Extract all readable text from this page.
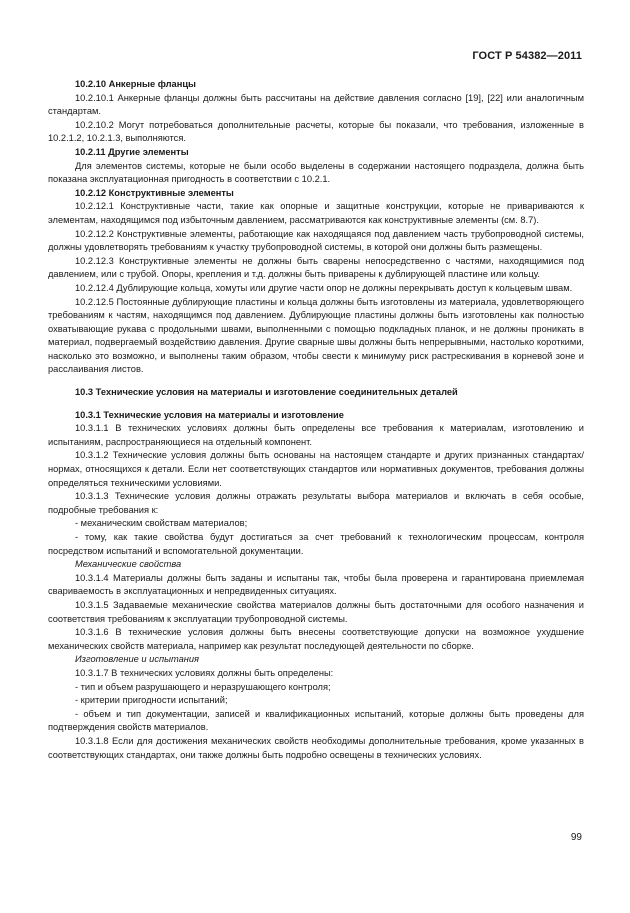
ГОСТ Р 54382—2011

10.2.10 Анкерные фланцы

10.2.10.1 Анкерные фланцы должны быть рассчитаны на действие давления согласно [19], [22] или аналогичным стандартам.

10.2.10.2 Могут потребоваться дополнительные расчеты, которые бы показали, что требования, изложенные в 10.2.1.2, 10.2.1.3, выполняются.

10.2.11 Другие элементы

Для элементов системы, которые не были особо выделены в содержании настоящего подраздела, должна быть показана эксплуатационная пригодность в соответствии с 10.2.1.

10.2.12 Конструктивные элементы

10.2.12.1 Конструктивные части, такие как опорные и защитные конструкции, которые не привариваются к элементам, находящимся под избыточным давлением, рассматриваются как конструктивные элементы (см. 8.7).

10.2.12.2 Конструктивные элементы, работающие как находящаяся под давлением часть трубопроводной системы, должны удовлетворять требованиям к участку трубопроводной системы, в которой они должны быть размещены.

10.2.12.3 Конструктивные элементы не должны быть сварены непосредственно с частями, находящимися под давлением, или с трубой. Опоры, крепления и т.д. должны быть приварены к дублирующей пластине или кольцу.

10.2.12.4 Дублирующие кольца, хомуты или другие части опор не должны перекрывать доступ к кольцевым швам.

10.2.12.5 Постоянные дублирующие пластины и кольца должны быть изготовлены из материала, удовлетворяющего требованиям к частям, находящимся под давлением. Дублирующие пластины должны быть изготовлены как полностью охватывающие рукава с продольными швами, выполненными с помощью подкладных планок, и не должны проникать в материал, подвергаемый воздействию давления. Другие сварные швы должны быть непрерывными, настолько короткими, насколько это возможно, и выполнены таким образом, чтобы свести к минимуму риск растрескивания в корневой зоне и расслаивания листов.

10.3 Технические условия на материалы и изготовление соединительных деталей

10.3.1 Технические условия на материалы и изготовление

10.3.1.1 В технических условиях должны быть определены все требования к материалам, изготовлению и испытаниям, распространяющиеся на отдельный компонент.

10.3.1.2 Технические условия должны быть основаны на настоящем стандарте и других признанных стандартах/нормах, относящихся к детали. Если нет соответствующих стандартов или нормативных документов, требования должны определяться техническими условиями.

10.3.1.3 Технические условия должны отражать результаты выбора материалов и включать в себя особые, подробные требования к:

- механическим свойствам материалов;

- тому, как такие свойства будут достигаться за счет требований к технологическим процессам, контроля посредством испытаний и вспомогательной документации.

Механические свойства

10.3.1.4 Материалы должны быть заданы и испытаны так, чтобы была проверена и гарантирована приемлемая свариваемость в эксплуатационных и непредвиденных ситуациях.

10.3.1.5 Задаваемые механические свойства материалов должны быть достаточными для особого назначения и соответствия требованиям к эксплуатации трубопроводной системы.

10.3.1.6 В технические условия должны быть внесены соответствующие допуски на возможное ухудшение механических свойств материала, например как результат последующей деятельности по сборке.

Изготовление и испытания

10.3.1.7 В технических условиях должны быть определены:

- тип и объем разрушающего и неразрушающего контроля;

- критерии пригодности испытаний;

- объем и тип документации, записей и квалификационных испытаний, которые должны быть проведены для подтверждения свойств материалов.

10.3.1.8 Если для достижения механических свойств необходимы дополнительные требования, кроме указанных в соответствующих стандартах, они также должны быть подробно освещены в технических условиях.

99
